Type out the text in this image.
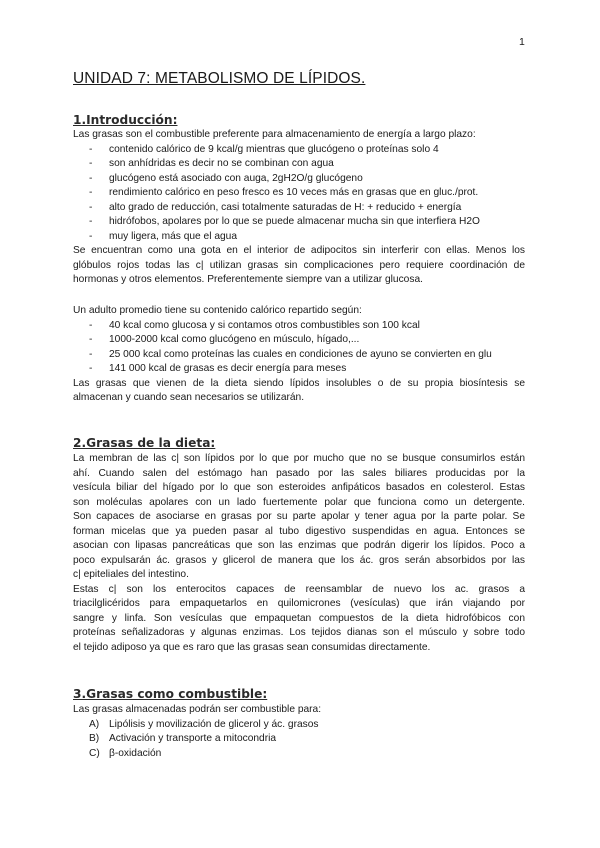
1
UNIDAD 7: METABOLISMO DE LÍPIDOS.
1.Introducción:
Las grasas son el combustible preferente para almacenamiento de energía a largo plazo:
- contenido calórico de 9 kcal/g mientras que glucógeno o proteínas solo 4
- son anhídridas es decir no se combinan con agua
- glucógeno está asociado con auga, 2gH2O/g glucógeno
- rendimiento calórico en peso fresco es 10 veces más en grasas que en gluc./prot.
- alto grado de reducción, casi totalmente saturadas de H: + reducido + energía
- hidrófobos, apolares por lo que se puede almacenar mucha sin que interfiera H2O
- muy ligera, más que el agua
Se encuentran como una gota en el interior de adipocitos sin interferir con ellas. Menos los
glóbulos rojos todas las c| utilizan grasas sin complicaciones pero requiere coordinación de
hormonas y otros elementos. Preferentemente siempre van a utilizar glucosa.
Un adulto promedio tiene su contenido calórico repartido según:
- 40 kcal como glucosa y si contamos otros combustibles son 100 kcal
- 1000-2000 kcal como glucógeno en músculo, hígado,...
- 25 000 kcal como proteínas las cuales en condiciones de ayuno se convierten en glu
- 141 000 kcal de grasas es decir energía para meses
Las grasas que vienen de la dieta siendo lípidos insolubles o de su propia biosíntesis se
almacenan y cuando sean necesarios se utilizarán.
2.Grasas de la dieta:
La membran de las c| son lípidos por lo que por mucho que no se busque consumirlos están
ahí. Cuando salen del estómago han pasado por las sales biliares producidas por la
vesícula biliar del hígado por lo que son esteroides anfipáticos basados en colesterol. Estas
son moléculas apolares con un lado fuertemente polar que funciona como un detergente.
Son capaces de asociarse en grasas por su parte apolar y tener agua por la parte polar. Se
forman micelas que ya pueden pasar al tubo digestivo suspendidas en agua. Entonces se
asocian con lipasas pancreáticas que son las enzimas que podrán digerir los lípidos. Poco a
poco expulsarán ác. grasos y glicerol de manera que los ác. gros serán absorbidos por las
c| epiteliales del intestino.
Estas c| son los enterocitos capaces de reensamblar de nuevo los ac. grasos a
triacilglicéridos para empaquetarlos en quilomicrones (vesículas) que irán viajando por
sangre y linfa. Son vesículas que empaquetan compuestos de la dieta hidrofóbicos con
proteínas señalizadoras y algunas enzimas. Los tejidos dianas son el músculo y sobre todo
el tejido adiposo ya que es raro que las grasas sean consumidas directamente.
3.Grasas como combustible:
Las grasas almacenadas podrán ser combustible para:
A) Lipólisis y movilización de glicerol y ác. grasos
B) Activación y transporte a mitocondria
C) β-oxidación
